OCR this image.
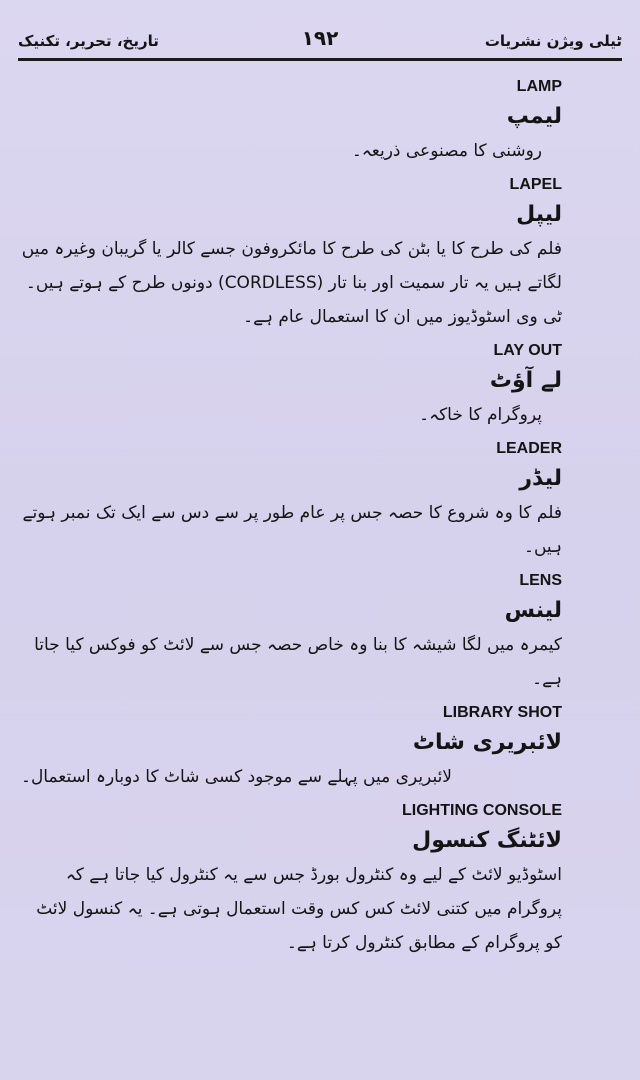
تاریخ، تحریر، تکنیک	۱۹۲	ٹیلی ویژن نشریات
LAMP
لیمپ
روشنی کا مصنوعی ذریعہ۔
LAPEL
لیپل
فلم کی طرح کا یا بٹن کی طرح کا مائکروفون جسے کالر یا گریبان وغیرہ میں لگاتے ہیں یہ تار سمیت اور بنا تار (CORDLESS) دونوں طرح کے ہوتے ہیں۔ ٹی وی اسٹوڈیوز میں ان کا استعمال عام ہے۔
LAY OUT
لے آؤٹ
پروگرام کا خاکہ۔
LEADER
لیڈر
فلم کا وہ شروع کا حصہ جس پر عام طور پر سے دس سے ایک تک نمبر ہوتے ہیں۔
LENS
لینس
کیمرہ میں لگا شیشہ کا بنا وہ خاص حصہ جس سے لائٹ کو فوکس کیا جاتا ہے۔
LIBRARY SHOT
لائبریری شاٹ
لائبریری میں پہلے سے موجود کسی شاٹ کا دوبارہ استعمال۔
LIGHTING CONSOLE
لائٹنگ کنسول
اسٹوڈیو لائٹ کے لیے وہ کنٹرول بورڈ جس سے یہ کنٹرول کیا جاتا ہے کہ پروگرام میں کتنی لائٹ کس کس وقت استعمال ہوتی ہے۔ یہ کنسول لائٹ کو پروگرام کے مطابق کنٹرول کرتا ہے۔
